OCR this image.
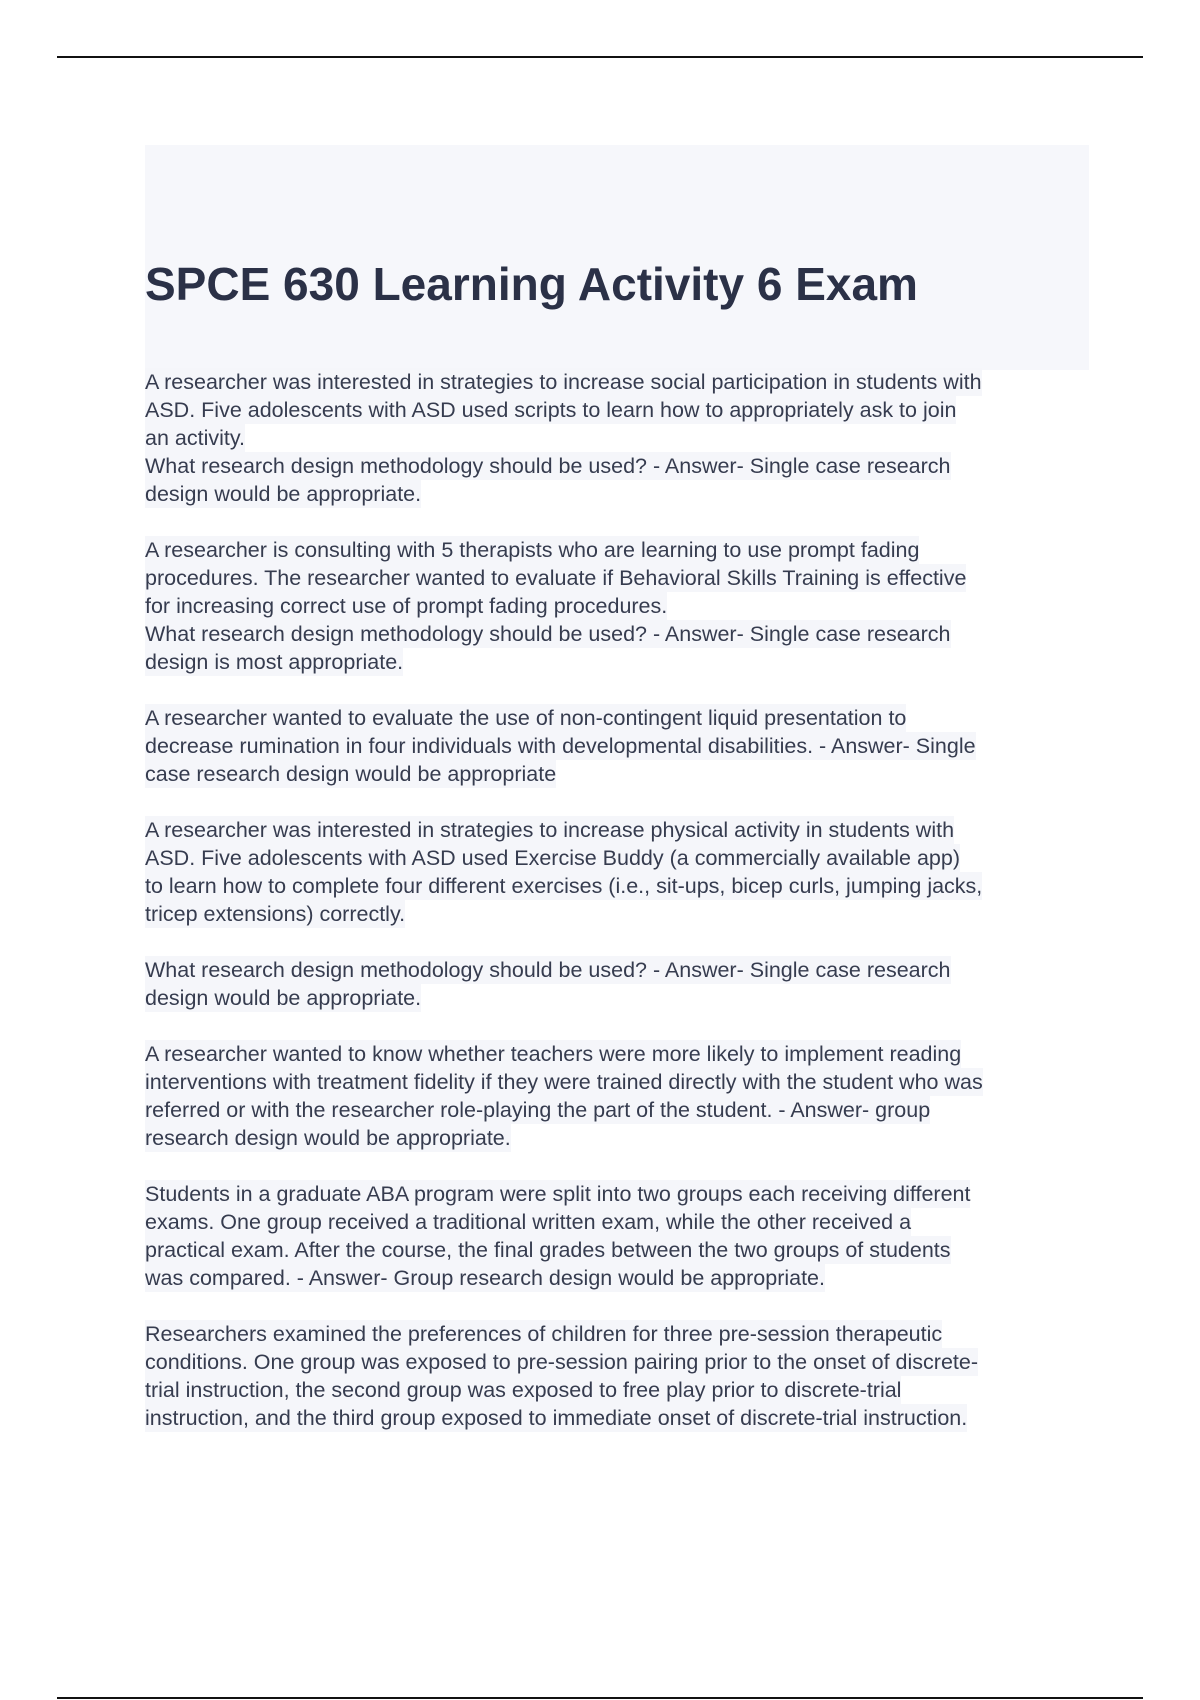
SPCE 630 Learning Activity 6 Exam
A researcher was interested in strategies to increase social participation in students with
ASD. Five adolescents with ASD used scripts to learn how to appropriately ask to join
an activity.
What research design methodology should be used? - Answer- Single case research
design would be appropriate.
A researcher is consulting with 5 therapists who are learning to use prompt fading
procedures. The researcher wanted to evaluate if Behavioral Skills Training is effective
for increasing correct use of prompt fading procedures.
What research design methodology should be used? - Answer- Single case research
design is most appropriate.
A researcher wanted to evaluate the use of non-contingent liquid presentation to
decrease rumination in four individuals with developmental disabilities. - Answer- Single
case research design would be appropriate
A researcher was interested in strategies to increase physical activity in students with
ASD. Five adolescents with ASD used Exercise Buddy (a commercially available app)
to learn how to complete four different exercises (i.e., sit-ups, bicep curls, jumping jacks,
tricep extensions) correctly.
What research design methodology should be used? - Answer- Single case research
design would be appropriate.
A researcher wanted to know whether teachers were more likely to implement reading
interventions with treatment fidelity if they were trained directly with the student who was
referred or with the researcher role-playing the part of the student. - Answer- group
research design would be appropriate.
Students in a graduate ABA program were split into two groups each receiving different
exams. One group received a traditional written exam, while the other received a
practical exam. After the course, the final grades between the two groups of students
was compared. - Answer- Group research design would be appropriate.
Researchers examined the preferences of children for three pre-session therapeutic
conditions. One group was exposed to pre-session pairing prior to the onset of discrete-
trial instruction, the second group was exposed to free play prior to discrete-trial
instruction, and the third group exposed to immediate onset of discrete-trial instruction.
